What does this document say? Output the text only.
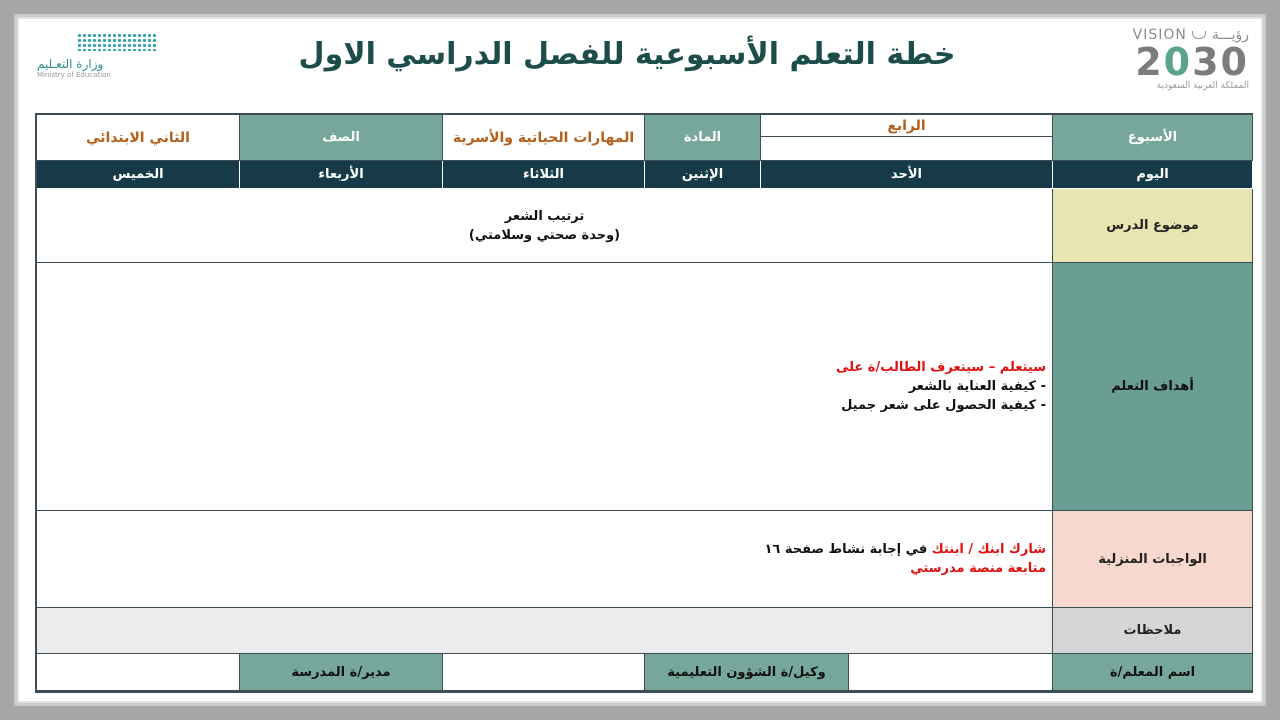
وزارة التعـليم
Ministry of Education
خطة التعلم الأسبوعية للفصل الدراسي الاول
VISION رؤيـــة
2030
المملكة العربية السعودية
الأسبوع
الرابع
المادة
المهارات الحياتية والأسرية
الصف
الثاني الابتدائي
اليوم
الأحد
الإثنين
الثلاثاء
الأربعاء
الخميس
موضوع الدرس
ترتيب الشعر
(وحدة صحتي وسلامتي)
أهداف التعلم
سيتعلم – سيتعرف الطالب/ة على
- كيفية العناية بالشعر
- كيفية الحصول على شعر جميل
الواجبات المنزلية
شارك ابنك / ابنتك في إجابة نشاط صفحة ١٦
متابعة منصة مدرستي
ملاحظات
اسم المعلم/ة
وكيل/ة الشؤون التعليمية
مدير/ة المدرسة
